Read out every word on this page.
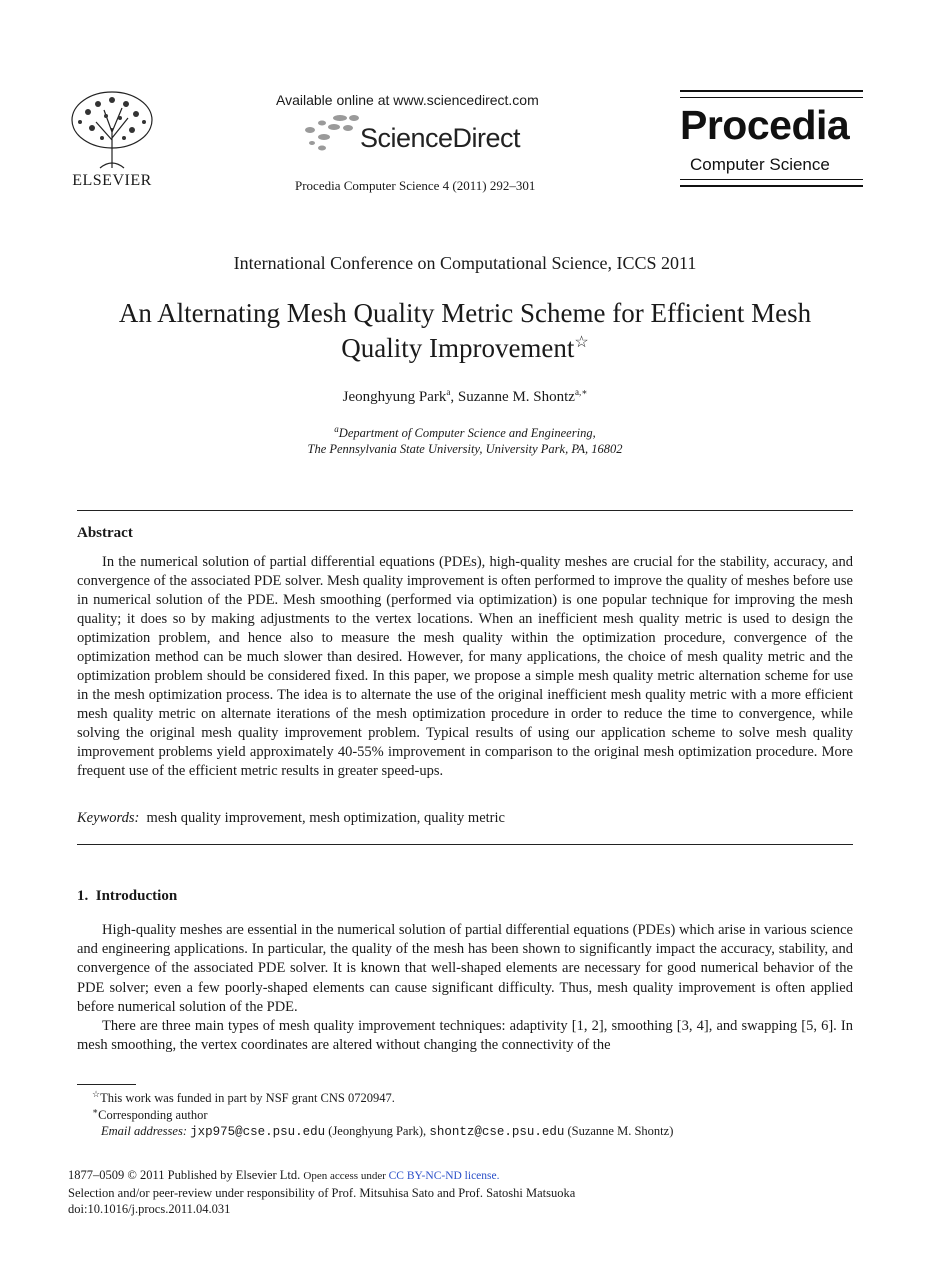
ELSEVIER
Available online at www.sciencedirect.com
ScienceDirect
Procedia Computer Science 4 (2011) 292–301
Procedia
Computer Science
International Conference on Computational Science, ICCS 2011
An Alternating Mesh Quality Metric Scheme for Efficient Mesh
Quality Improvement☆
Jeonghyung Park$^a$, Suzanne M. Shontz$^{a,∗}$
$^a$Department of Computer Science and Engineering,
The Pennsylvania State University, University Park, PA, 16802
Abstract

In the numerical solution of partial differential equations (PDEs), high-quality meshes are crucial for the stability, accuracy, and convergence of the associated PDE solver. Mesh quality improvement is often performed to improve the quality of meshes before use in numerical solution of the PDE. Mesh smoothing (performed via optimization) is one popular technique for improving the mesh quality; it does so by making adjustments to the vertex locations. When an inefficient mesh quality metric is used to design the optimization problem, and hence also to measure the mesh quality within the optimization procedure, convergence of the optimization method can be much slower than desired. However, for many applications, the choice of mesh quality metric and the optimization problem should be considered fixed. In this paper, we propose a simple mesh quality metric alternation scheme for use in the mesh optimization process. The idea is to alternate the use of the original inefficient mesh quality metric with a more efficient mesh quality metric on alternate iterations of the mesh optimization procedure in order to reduce the time to convergence, while solving the original mesh quality improvement problem. Typical results of using our application scheme to solve mesh quality improvement problems yield approximately 40-55% improvement in comparison to the original mesh optimization procedure. More frequent use of the efficient metric results in greater speed-ups.

Keywords: mesh quality improvement, mesh optimization, quality metric
1.  Introduction

High-quality meshes are essential in the numerical solution of partial differential equations (PDEs) which arise in various science and engineering applications. In particular, the quality of the mesh has been shown to significantly impact the accuracy, stability, and convergence of the associated PDE solver. It is known that well-shaped elements are necessary for good numerical behavior of the PDE solver; even a few poorly-shaped elements can cause significant difficulty. Thus, mesh quality improvement is often applied before numerical solution of the PDE.

There are three main types of mesh quality improvement techniques: adaptivity [1, 2], smoothing [3, 4], and swapping [5, 6]. In mesh smoothing, the vertex coordinates are altered without changing the connectivity of the

☆This work was funded in part by NSF grant CNS 0720947.
∗Corresponding author
Email addresses: jxp975@cse.psu.edu (Jeonghyung Park), shontz@cse.psu.edu (Suzanne M. Shontz)
1877–0509 © 2011 Published by Elsevier Ltd. Open access under CC BY-NC-ND license.
Selection and/or peer-review under responsibility of Prof. Mitsuhisa Sato and Prof. Satoshi Matsuoka
doi:10.1016/j.procs.2011.04.031
